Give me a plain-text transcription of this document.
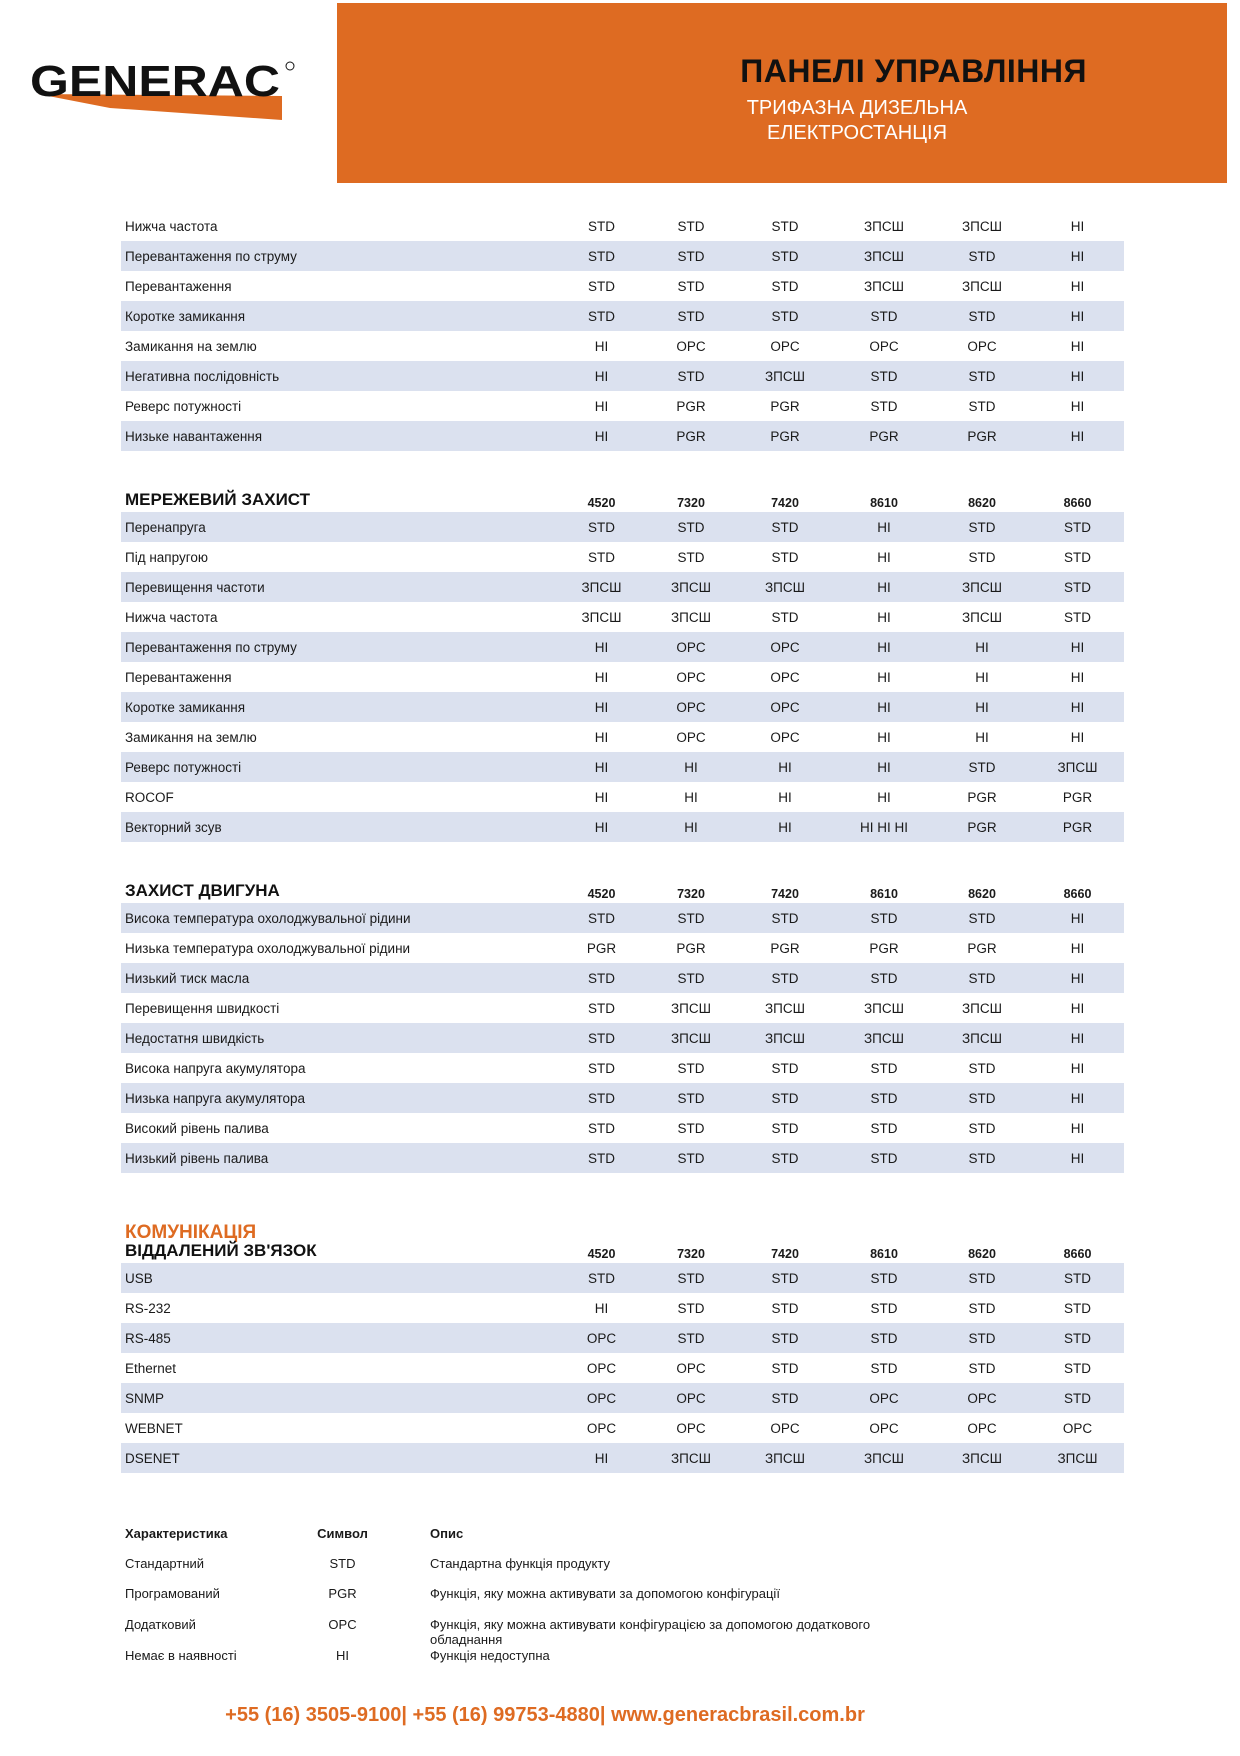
GENERAC	ПАНЕЛІ УПРАВЛІННЯ
ТРИФАЗНА ДИЗЕЛЬНА
ЕЛЕКТРОСТАНЦІЯ
Нижча частота	STD	STD	STD	ЗПСШ	ЗПСШ	HI
Перевантаження по струму	STD	STD	STD	ЗПСШ	STD	HI
Перевантаження	STD	STD	STD	ЗПСШ	ЗПСШ	HI
Коротке замикання	STD	STD	STD	STD	STD	HI
Замикання на землю	HI	OPC	OPC	OPC	OPC	HI
Негативна послідовність	HI	STD	ЗПСШ	STD	STD	HI
Реверс потужності	HI	PGR	PGR	STD	STD	HI
Низьке навантаження	HI	PGR	PGR	PGR	PGR	HI
МЕРЕЖЕВИЙ ЗАХИСТ	4520	7320	7420	8610	8620	8660
Перенапруга	STD	STD	STD	HI	STD	STD
Під напругою	STD	STD	STD	HI	STD	STD
Перевищення частоти	ЗПСШ	ЗПСШ	ЗПСШ	HI	ЗПСШ	STD
Нижча частота	ЗПСШ	ЗПСШ	STD	HI	ЗПСШ	STD
Перевантаження по струму	HI	OPC	OPC	HI	HI	HI
Перевантаження	HI	OPC	OPC	HI	HI	HI
Коротке замикання	HI	OPC	OPC	HI	HI	HI
Замикання на землю	HI	OPC	OPC	HI	HI	HI
Реверс потужності	HI	HI	HI	HI	STD	ЗПСШ
ROCOF	HI	HI	HI	HI	PGR	PGR
Векторний зсув	HI	HI	HI	HI HI HI	PGR	PGR
ЗАХИСТ ДВИГУНА	4520	7320	7420	8610	8620	8660
Висока температура охолоджувальної рідини	STD	STD	STD	STD	STD	HI
Низька температура охолоджувальної рідини	PGR	PGR	PGR	PGR	PGR	HI
Низький тиск масла	STD	STD	STD	STD	STD	HI
Перевищення швидкості	STD	ЗПСШ	ЗПСШ	ЗПСШ	ЗПСШ	HI
Недостатня швидкість	STD	ЗПСШ	ЗПСШ	ЗПСШ	ЗПСШ	HI
Висока напруга акумулятора	STD	STD	STD	STD	STD	HI
Низька напруга акумулятора	STD	STD	STD	STD	STD	HI
Високий рівень палива	STD	STD	STD	STD	STD	HI
Низький рівень палива	STD	STD	STD	STD	STD	HI
КОМУНІКАЦІЯ
ВІДДАЛЕНИЙ ЗВ'ЯЗОК	4520	7320	7420	8610	8620	8660
USB	STD	STD	STD	STD	STD	STD
RS-232	HI	STD	STD	STD	STD	STD
RS-485	OPC	STD	STD	STD	STD	STD
Ethernet	OPC	OPC	STD	STD	STD	STD
SNMP	OPC	OPC	STD	OPC	OPC	STD
WEBNET	OPC	OPC	OPC	OPC	OPC	OPC
DSENET	HI	ЗПСШ	ЗПСШ	ЗПСШ	ЗПСШ	ЗПСШ
Характеристика	Символ	Опис
Стандартний	STD	Стандартна функція продукту
Програмований	PGR	Функція, яку можна активувати за допомогою конфігурації
Додатковий	OPC	Функція, яку можна активувати конфігурацією за допомогою додаткового обладнання
Немає в наявності	HI	Функція недоступна
+55 (16) 3505-9100| +55 (16) 99753-4880| www.generacbrasil.com.br
